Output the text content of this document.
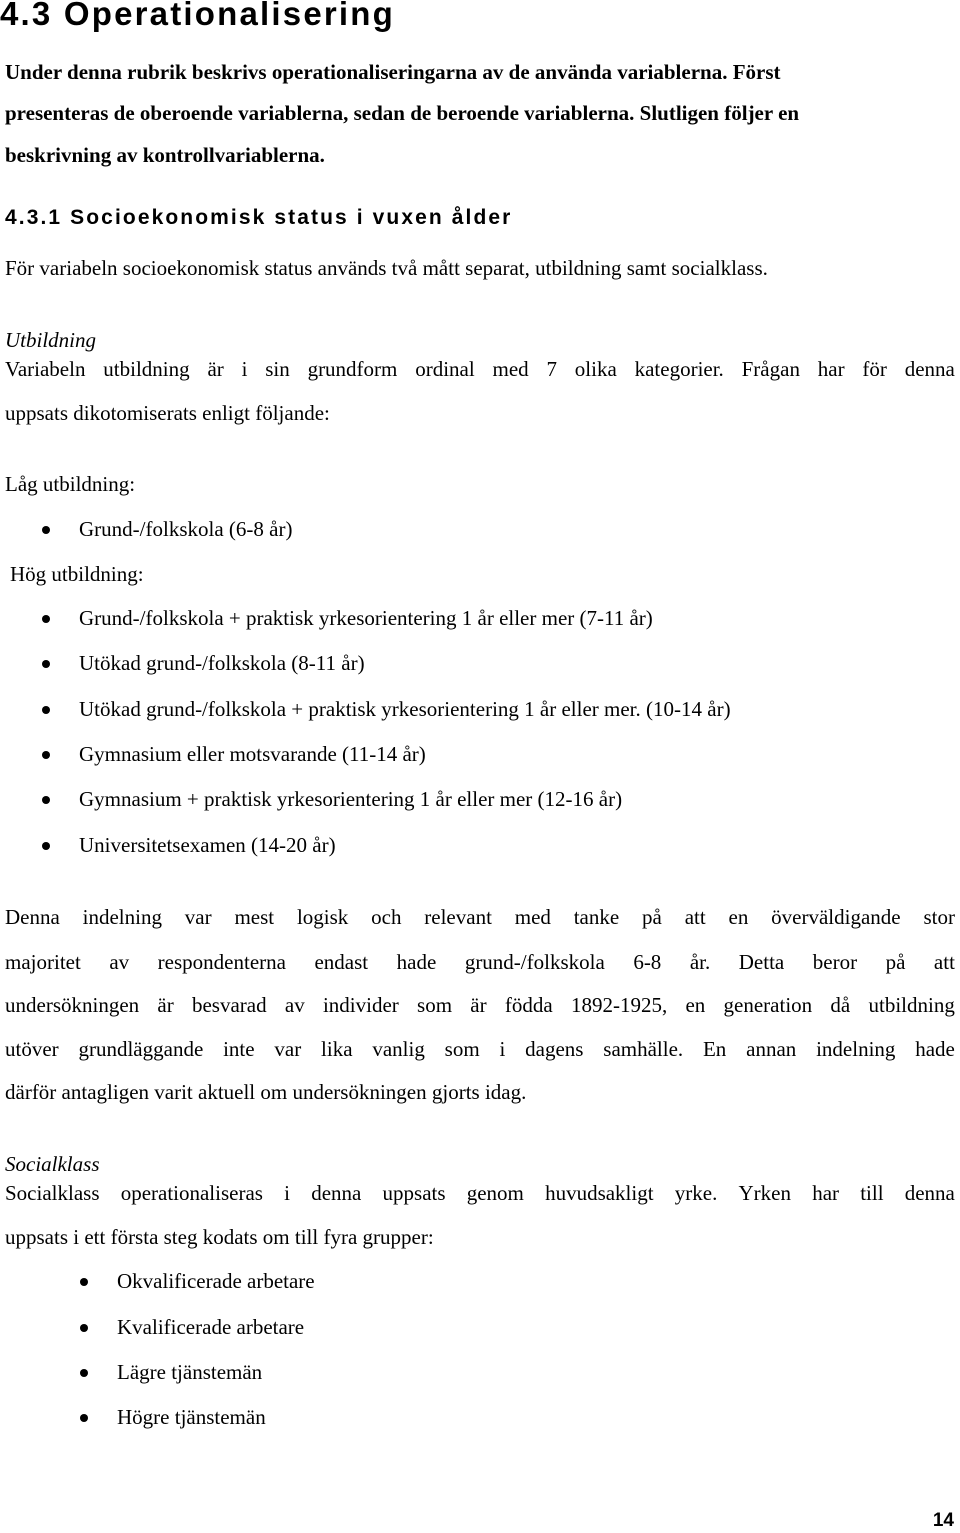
4.3 Operationalisering
Under denna rubrik beskrivs operationaliseringarna av de använda variablerna. Först
presenteras de oberoende variablerna, sedan de beroende variablerna. Slutligen följer en
beskrivning av kontrollvariablerna.
4.3.1 Socioekonomisk status i vuxen ålder
För variabeln socioekonomisk status används två mått separat, utbildning samt socialklass.
Utbildning
Variabeln utbildning är i sin grundform ordinal med 7 olika kategorier. Frågan har för denna
uppsats dikotomiserats enligt följande:
Låg utbildning:
Grund-/folkskola (6-8 år)
Hög utbildning:
Grund-/folkskola + praktisk yrkesorientering 1 år eller mer (7-11 år)
Utökad grund-/folkskola (8-11 år)
Utökad grund-/folkskola + praktisk yrkesorientering 1 år eller mer. (10-14 år)
Gymnasium eller motsvarande (11-14 år)
Gymnasium + praktisk yrkesorientering 1 år eller mer (12-16 år)
Universitetsexamen (14-20 år)
Denna indelning var mest logisk och relevant med tanke på att en överväldigande stor
majoritet av respondenterna endast hade grund-/folkskola 6-8 år. Detta beror på att
undersökningen är besvarad av individer som är födda 1892-1925, en generation då utbildning
utöver grundläggande inte var lika vanlig som i dagens samhälle. En annan indelning hade
därför antagligen varit aktuell om undersökningen gjorts idag.
Socialklass
Socialklass operationaliseras i denna uppsats genom huvudsakligt yrke. Yrken har till denna
uppsats i ett första steg kodats om till fyra grupper:
Okvalificerade arbetare
Kvalificerade arbetare
Lägre tjänstemän
Högre tjänstemän
14
